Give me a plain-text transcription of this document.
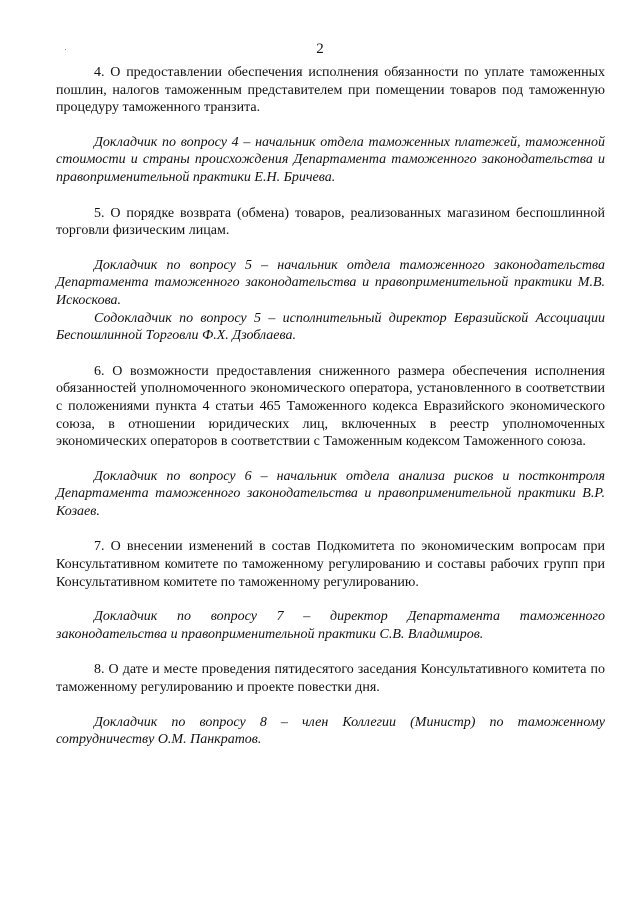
2

4. О предоставлении обеспечения исполнения обязанности по уплате таможенных пошлин, налогов таможенным представителем при помещении товаров под таможенную процедуру таможенного транзита.

Докладчик по вопросу 4 – начальник отдела таможенных платежей, таможенной стоимости и страны происхождения Департамента таможенного законодательства и правоприменительной практики Е.Н. Бричева.

5. О порядке возврата (обмена) товаров, реализованных магазином беспошлинной торговли физическим лицам.

Докладчик по вопросу 5 – начальник отдела таможенного законодательства Департамента таможенного законодательства и правоприменительной практики М.В. Искоскова.

Содокладчик по вопросу 5 – исполнительный директор Евразийской Ассоциации Беспошлинной Торговли Ф.Х. Дзоблаева.

6. О возможности предоставления сниженного размера обеспечения исполнения обязанностей уполномоченного экономического оператора, установленного в соответствии с положениями пункта 4 статьи 465 Таможенного кодекса Евразийского экономического союза, в отношении юридических лиц, включенных в реестр уполномоченных экономических операторов в соответствии с Таможенным кодексом Таможенного союза.

Докладчик по вопросу 6 – начальник отдела анализа рисков и постконтроля Департамента таможенного законодательства и правоприменительной практики В.Р. Козаев.

7. О внесении изменений в состав Подкомитета по экономическим вопросам при Консультативном комитете по таможенному регулированию и составы рабочих групп при Консультативном комитете по таможенному регулированию.

Докладчик по вопросу 7 – директор Департамента таможенного законодательства и правоприменительной практики С.В. Владимиров.

8. О дате и месте проведения пятидесятого заседания Консультативного комитета по таможенному регулированию и проекте повестки дня.

Докладчик по вопросу 8 – член Коллегии (Министр) по таможенному сотрудничеству О.М. Панкратов.
